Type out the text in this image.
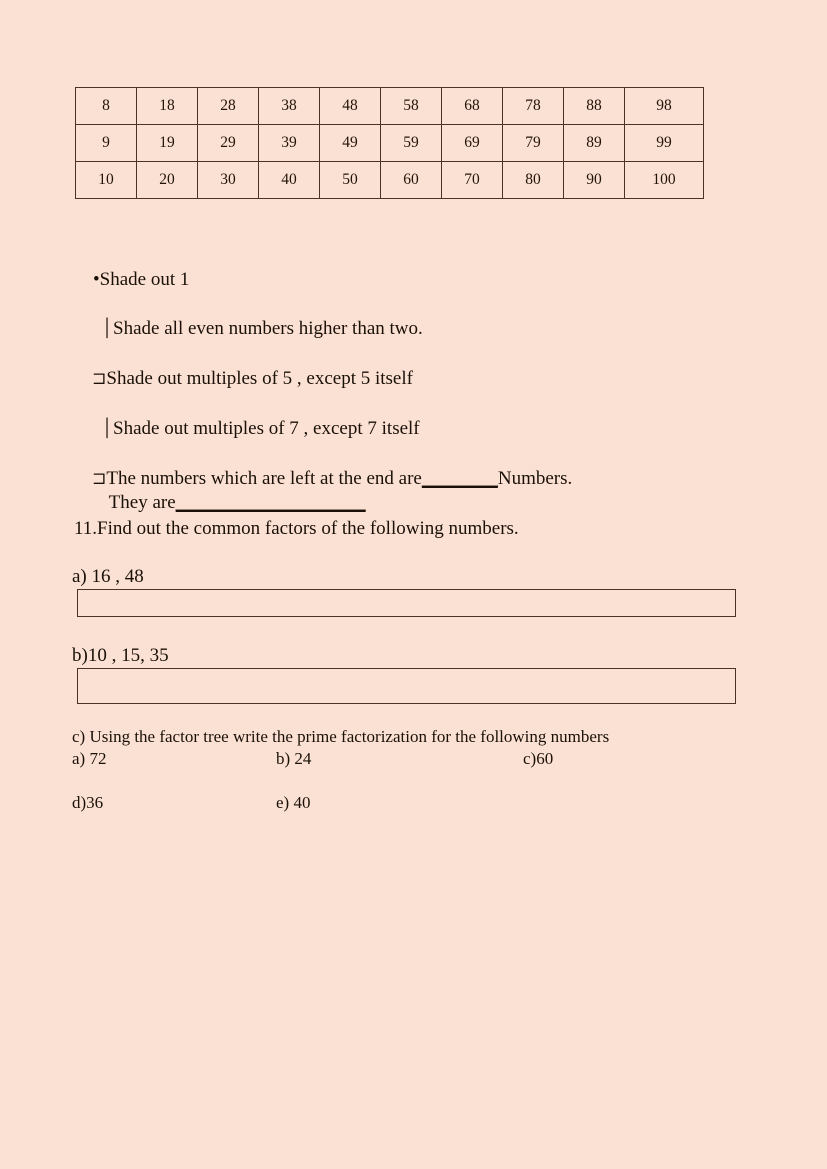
8	18	28	38	48	58	68	78	88	98
9	19	29	39	49	59	69	79	89	99
10	20	30	40	50	60	70	80	90	100

•Shade out 1

│Shade all even numbers higher than two.

⊐Shade out multiples of 5 , except 5 itself

│Shade out multiples of 7 , except 7 itself

⊐The numbers which are left at the end are________Numbers.

They are____________________

11.Find out the common factors of the following numbers.
a) 16 , 48
b)10 , 15, 35
c) Using the factor tree write the prime factorization for the following numbers
a) 72	b) 24	c)60
d)36	e) 40
